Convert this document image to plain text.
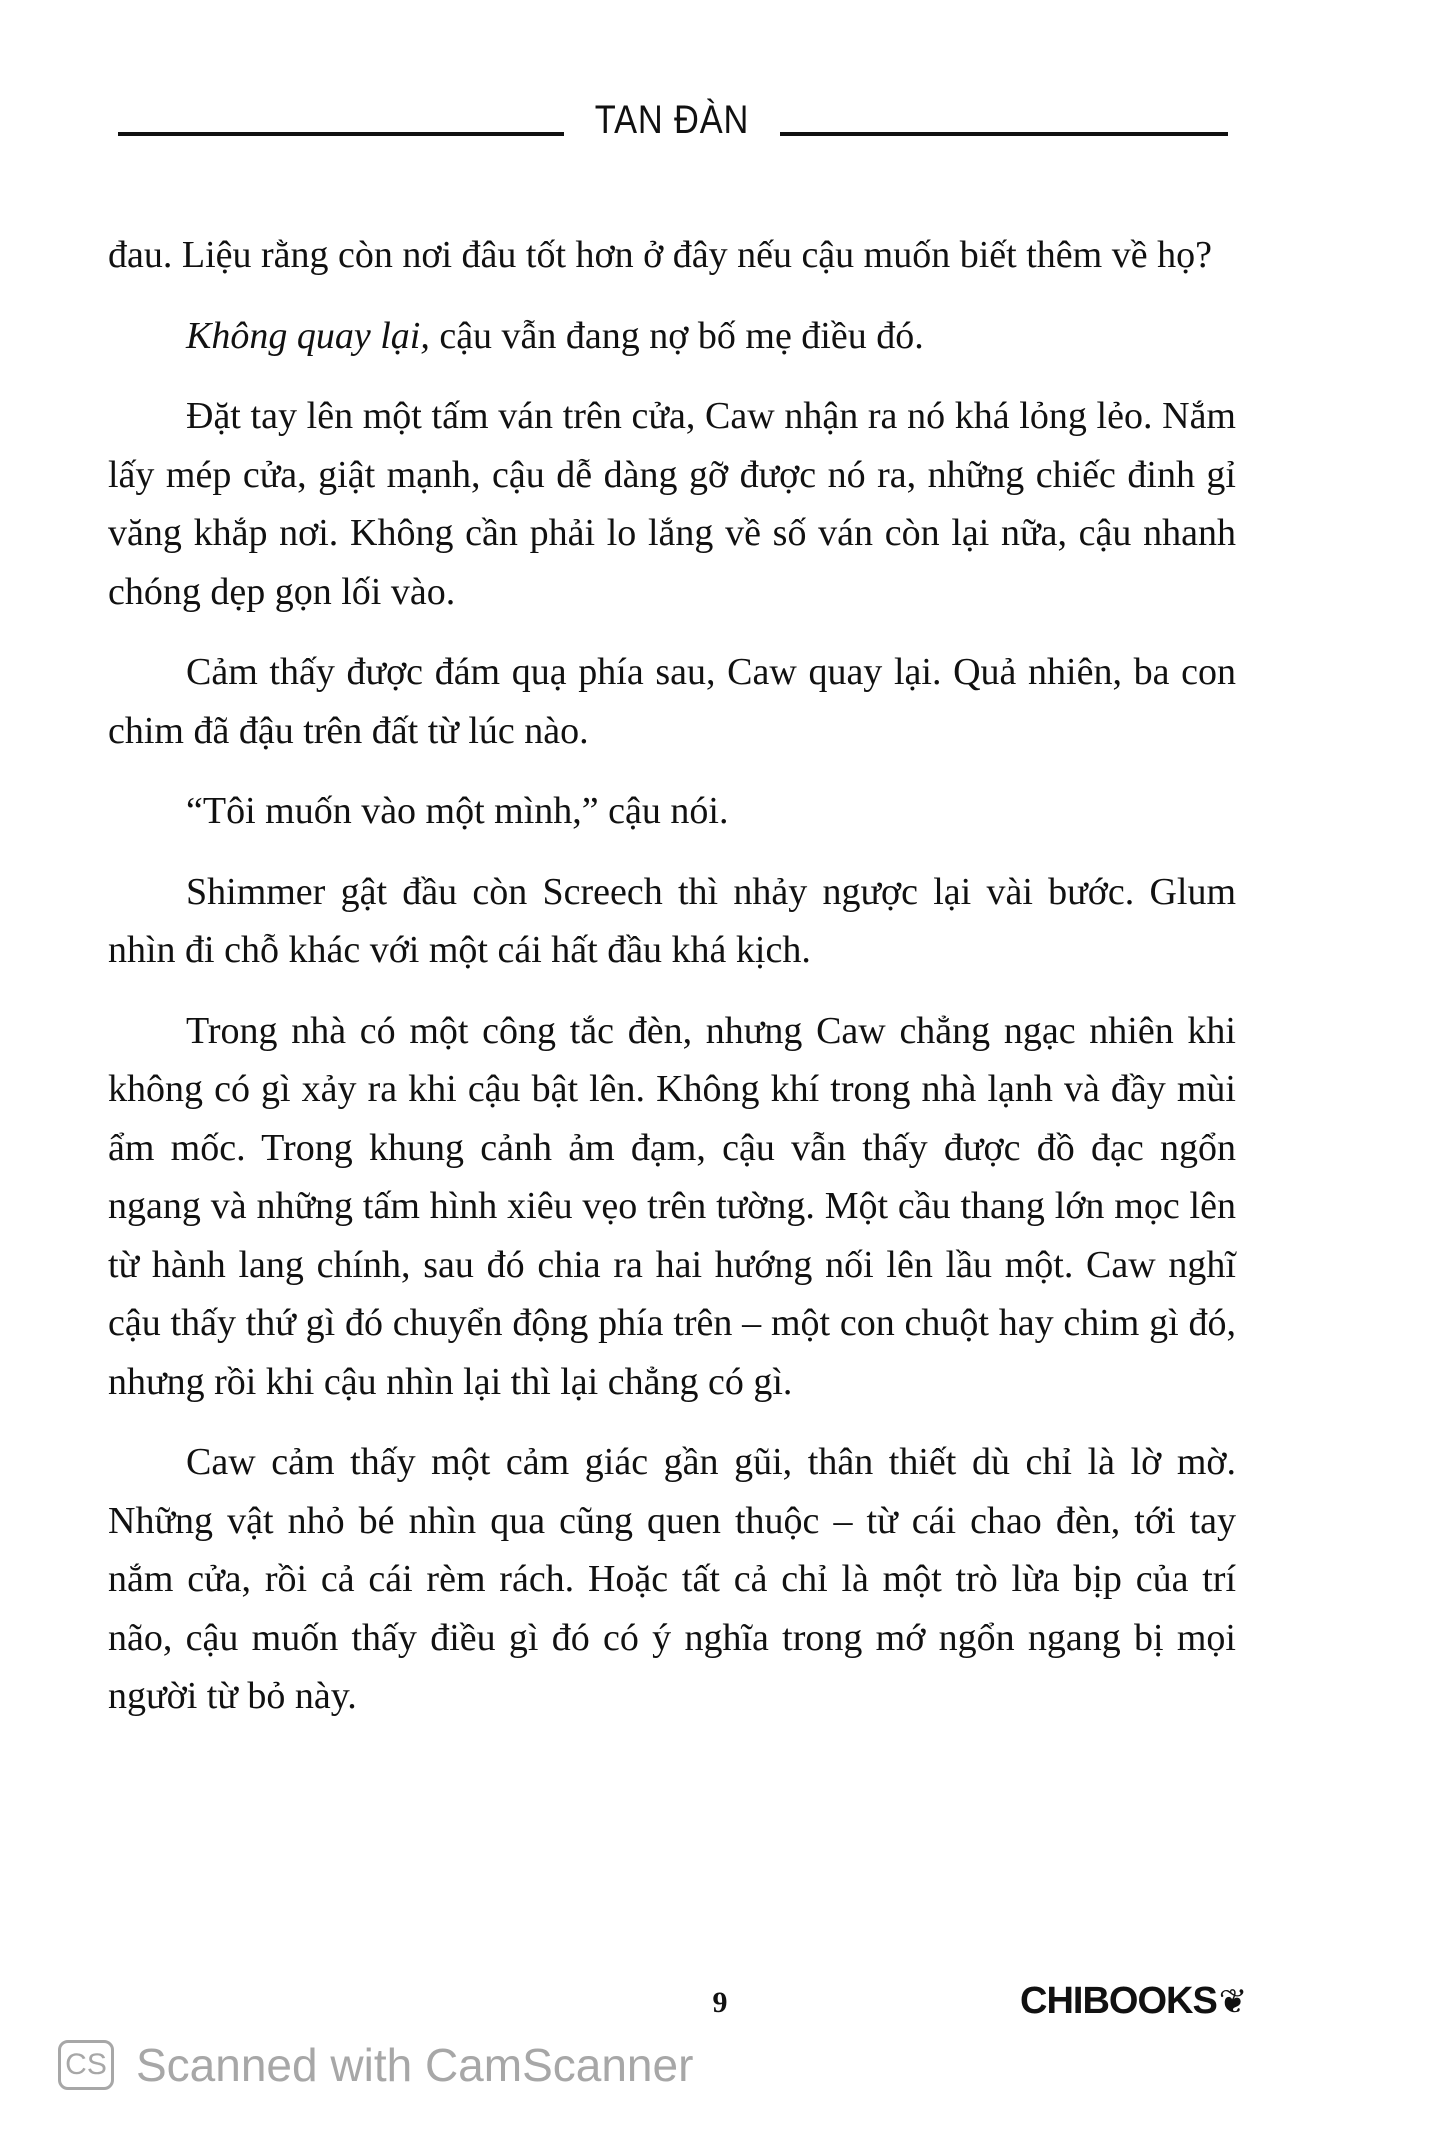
TAN ĐÀN

đau. Liệu rằng còn nơi đâu tốt hơn ở đây nếu cậu muốn biết thêm về họ?

Không quay lại, cậu vẫn đang nợ bố mẹ điều đó.

Đặt tay lên một tấm ván trên cửa, Caw nhận ra nó khá lỏng lẻo. Nắm lấy mép cửa, giật mạnh, cậu dễ dàng gỡ được nó ra, những chiếc đinh gỉ văng khắp nơi. Không cần phải lo lắng về số ván còn lại nữa, cậu nhanh chóng dẹp gọn lối vào.

Cảm thấy được đám quạ phía sau, Caw quay lại. Quả nhiên, ba con chim đã đậu trên đất từ lúc nào.

“Tôi muốn vào một mình,” cậu nói.

Shimmer gật đầu còn Screech thì nhảy ngược lại vài bước. Glum nhìn đi chỗ khác với một cái hất đầu khá kịch.

Trong nhà có một công tắc đèn, nhưng Caw chẳng ngạc nhiên khi không có gì xảy ra khi cậu bật lên. Không khí trong nhà lạnh và đầy mùi ẩm mốc. Trong khung cảnh ảm đạm, cậu vẫn thấy được đồ đạc ngổn ngang và những tấm hình xiêu vẹo trên tường. Một cầu thang lớn mọc lên từ hành lang chính, sau đó chia ra hai hướng nối lên lầu một. Caw nghĩ cậu thấy thứ gì đó chuyển động phía trên – một con chuột hay chim gì đó, nhưng rồi khi cậu nhìn lại thì lại chẳng có gì.

Caw cảm thấy một cảm giác gần gũi, thân thiết dù chỉ là lờ mờ. Những vật nhỏ bé nhìn qua cũng quen thuộc – từ cái chao đèn, tới tay nắm cửa, rồi cả cái rèm rách. Hoặc tất cả chỉ là một trò lừa bịp của trí não, cậu muốn thấy điều gì đó có ý nghĩa trong mớ ngổn ngang bị mọi người từ bỏ này.

9	CHIBOOKS ❦
CS Scanned with CamScanner
